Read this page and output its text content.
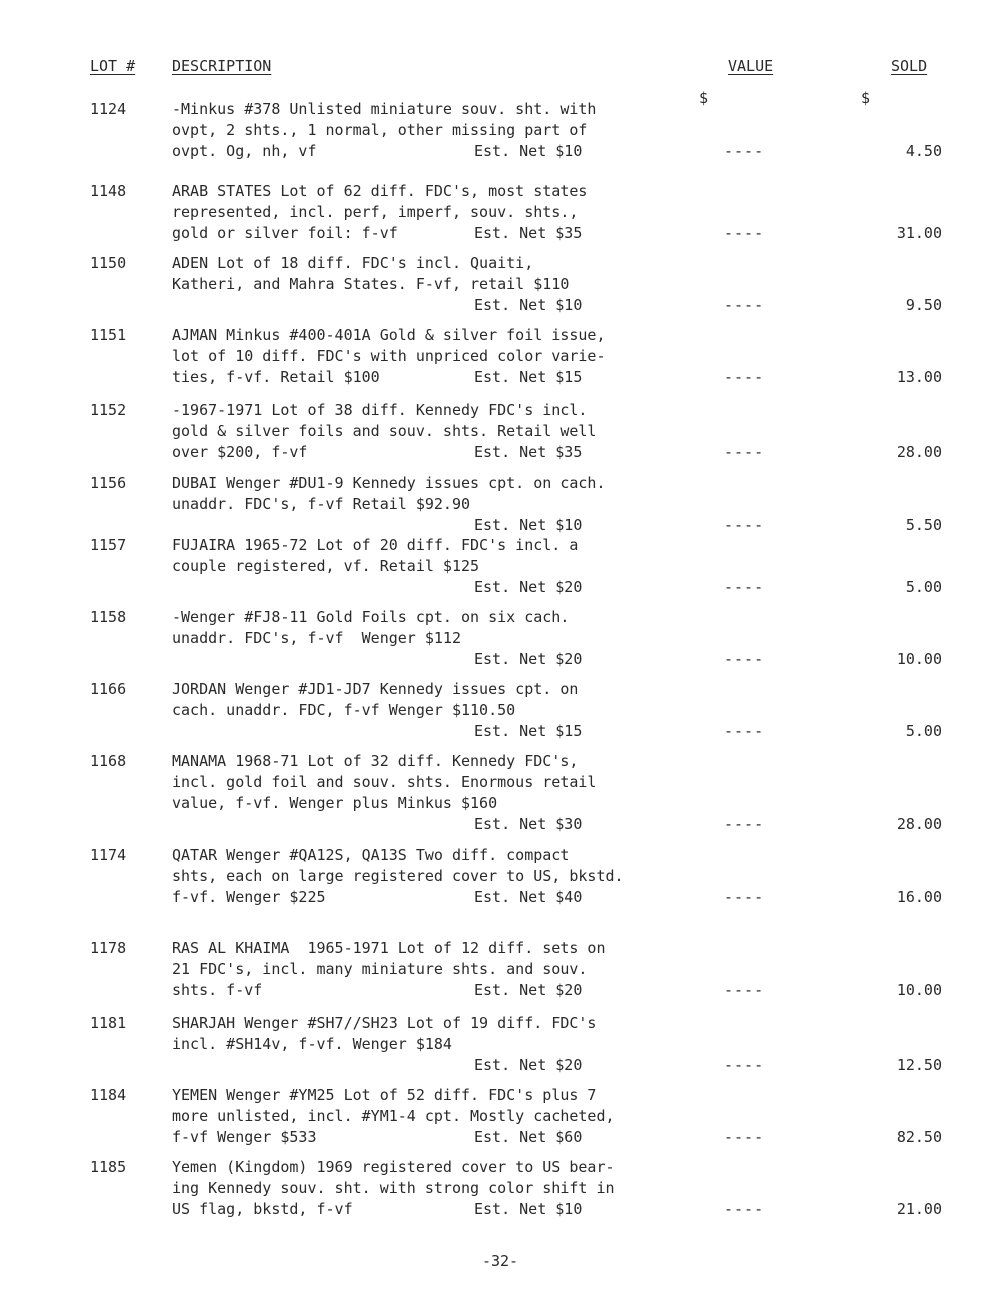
LOT # DESCRIPTION	VALUE	SOLD
$	$
1124	-Minkus #378 Unlisted miniature souv. sht. with
ovpt, 2 shts., 1 normal, other missing part of
ovpt. Og, nh, vf	Est. Net $10	----	4.50
1148	ARAB STATES Lot of 62 diff. FDC's, most states
represented, incl. perf, imperf, souv. shts.,
gold or silver foil: f-vf	Est. Net $35	----	31.00
1150	ADEN Lot of 18 diff. FDC's incl. Quaiti,
Katheri, and Mahra States. F-vf, retail $110
Est. Net $10	----	9.50
1151	AJMAN Minkus #400-401A Gold & silver foil issue,
lot of 10 diff. FDC's with unpriced color varie-
ties, f-vf. Retail $100	Est. Net $15	----	13.00
1152	-1967-1971 Lot of 38 diff. Kennedy FDC's incl.
gold & silver foils and souv. shts. Retail well
over $200, f-vf	Est. Net $35	----	28.00
1156	DUBAI Wenger #DU1-9 Kennedy issues cpt. on cach.
unaddr. FDC's, f-vf Retail $92.90
Est. Net $10	----	5.50
1157	FUJAIRA 1965-72 Lot of 20 diff. FDC's incl. a
couple registered, vf. Retail $125
Est. Net $20	----	5.00
1158	-Wenger #FJ8-11 Gold Foils cpt. on six cach.
unaddr. FDC's, f-vf  Wenger $112
Est. Net $20	----	10.00
1166	JORDAN Wenger #JD1-JD7 Kennedy issues cpt. on
cach. unaddr. FDC, f-vf Wenger $110.50
Est. Net $15	----	5.00
1168	MANAMA 1968-71 Lot of 32 diff. Kennedy FDC's,
incl. gold foil and souv. shts. Enormous retail
value, f-vf. Wenger plus Minkus $160
Est. Net $30	----	28.00
1174	QATAR Wenger #QA12S, QA13S Two diff. compact
shts, each on large registered cover to US, bkstd.
f-vf. Wenger $225	Est. Net $40	----	16.00
1178	RAS AL KHAIMA  1965-1971 Lot of 12 diff. sets on
21 FDC's, incl. many miniature shts. and souv.
shts. f-vf	Est. Net $20	----	10.00
1181	SHARJAH Wenger #SH7//SH23 Lot of 19 diff. FDC's
incl. #SH14v, f-vf. Wenger $184
Est. Net $20	----	12.50
1184	YEMEN Wenger #YM25 Lot of 52 diff. FDC's plus 7
more unlisted, incl. #YM1-4 cpt. Mostly cacheted,
f-vf Wenger $533	Est. Net $60	----	82.50
1185	Yemen (Kingdom) 1969 registered cover to US bear-
ing Kennedy souv. sht. with strong color shift in
US flag, bkstd, f-vf	Est. Net $10	----	21.00
-32-
